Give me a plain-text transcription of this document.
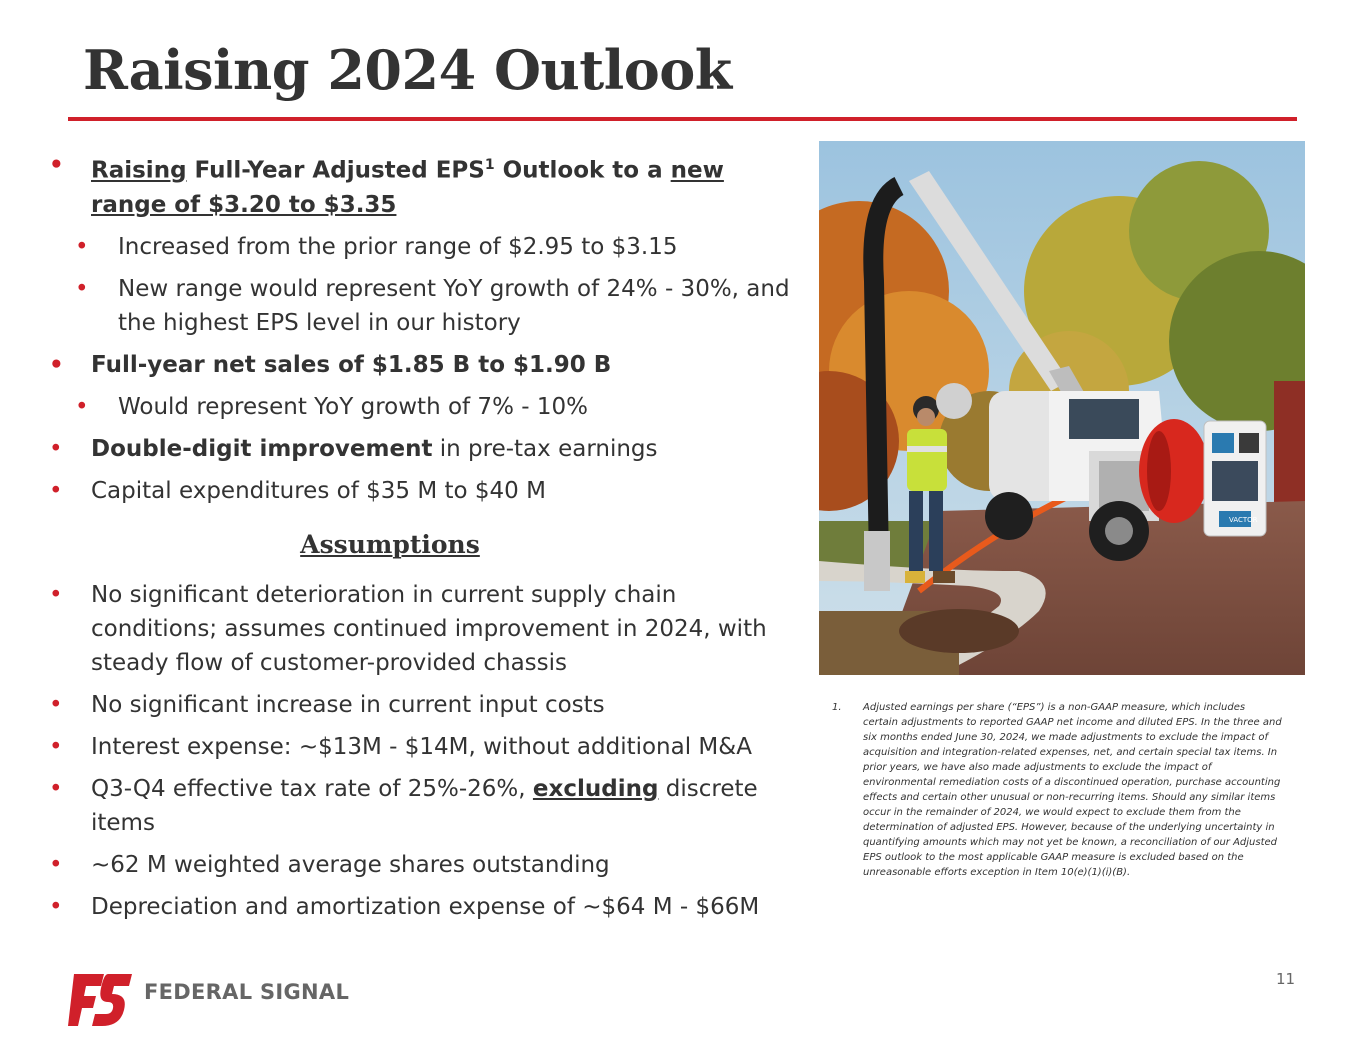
Raising 2024 Outlook

• Raising Full-Year Adjusted EPS$^1$ Outlook to a new range of $3.20 to $3.35

• Increased from the prior range of $2.95 to $3.15

• New range would represent YoY growth of 24% - 30%, and the highest EPS level in our history

• Full-year net sales of $1.85 B to $1.90 B

• Would represent YoY growth of 7% - 10%

• Double-digit improvement in pre-tax earnings

• Capital expenditures of $35 M to $40 M

Assumptions

• No significant deterioration in current supply chain conditions; assumes continued improvement in 2024, with steady flow of customer-provided chassis

• No significant increase in current input costs

• Interest expense: ~$13M - $14M, without additional M&A

• Q3-Q4 effective tax rate of 25%-26%, excluding discrete items

• ~62 M weighted average shares outstanding

• Depreciation and amortization expense of ~$64 M - $66M

VACTOR
1. Adjusted earnings per share (“EPS”) is a non-GAAP measure, which includes certain adjustments to reported GAAP net income and diluted EPS. In the three and six months ended June 30, 2024, we made adjustments to exclude the impact of acquisition and integration-related expenses, net, and certain special tax items. In prior years, we have also made adjustments to exclude the impact of environmental remediation costs of a discontinued operation, purchase accounting effects and certain other unusual or non-recurring items. Should any similar items occur in the remainder of 2024, we would expect to exclude them from the determination of adjusted EPS. However, because of the underlying uncertainty in quantifying amounts which may not yet be known, a reconciliation of our Adjusted EPS outlook to the most applicable GAAP measure is excluded based on the unreasonable efforts exception in Item 10(e)(1)(i)(B).
11
FEDERAL SIGNAL
